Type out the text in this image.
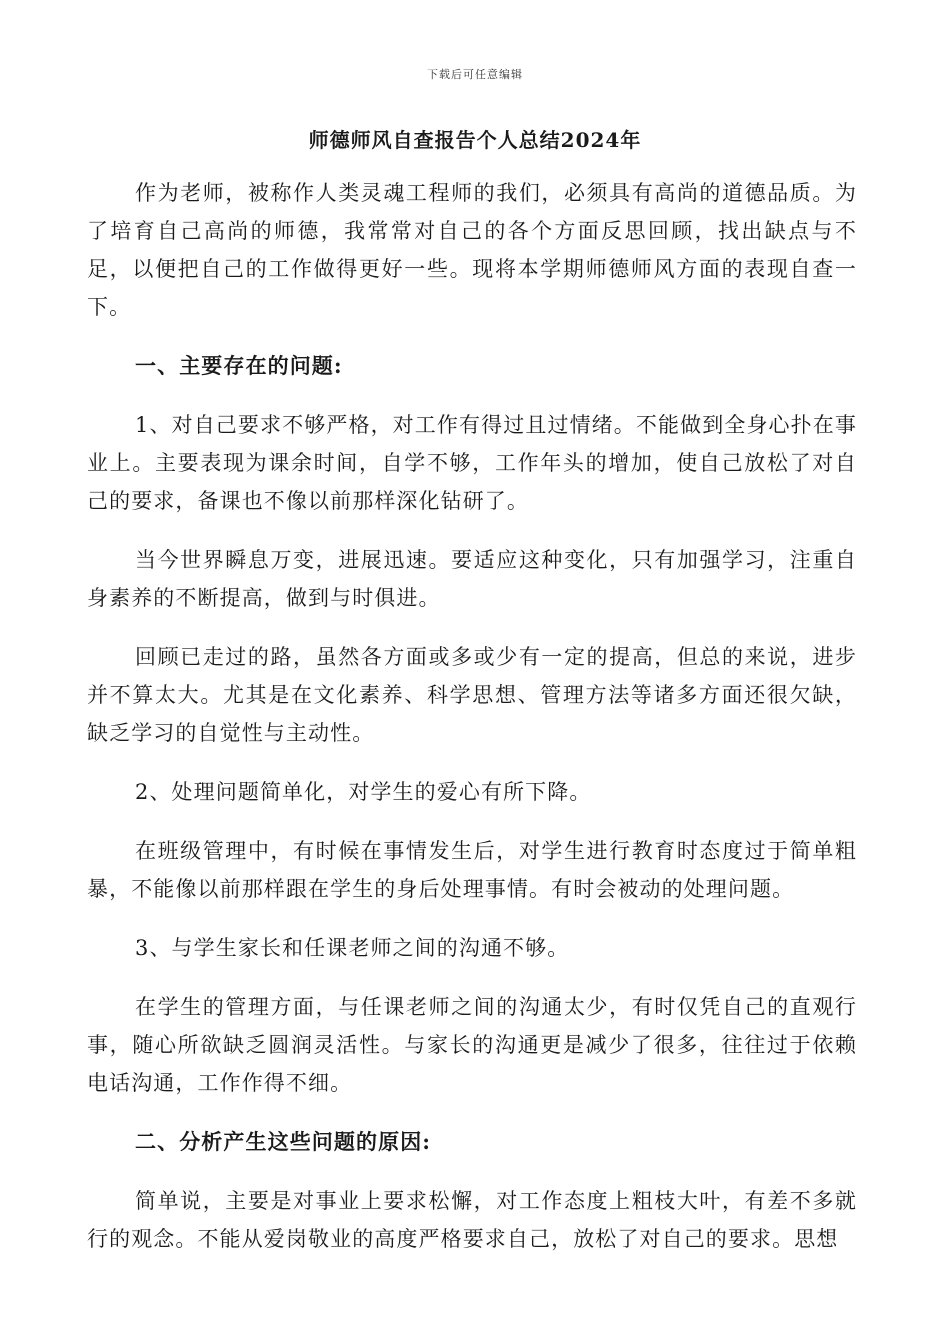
下载后可任意编辑
师德师风自查报告个人总结2024年

作为老师，被称作人类灵魂工程师的我们，必须具有高尚的道德品质。为了培育自己高尚的师德，我常常对自己的各个方面反思回顾，找出缺点与不足，以便把自己的工作做得更好一些。现将本学期师德师风方面的表现自查一下。

一、主要存在的问题:

1、对自己要求不够严格，对工作有得过且过情绪。不能做到全身心扑在事业上。主要表现为课余时间，自学不够，工作年头的增加，使自己放松了对自己的要求，备课也不像以前那样深化钻研了。

当今世界瞬息万变，进展迅速。要适应这种变化，只有加强学习，注重自身素养的不断提高，做到与时俱进。

回顾已走过的路，虽然各方面或多或少有一定的提高，但总的来说，进步并不算太大。尤其是在文化素养、科学思想、管理方法等诸多方面还很欠缺，缺乏学习的自觉性与主动性。

2、处理问题简单化，对学生的爱心有所下降。

在班级管理中，有时候在事情发生后，对学生进行教育时态度过于简单粗暴，不能像以前那样跟在学生的身后处理事情。有时会被动的处理问题。

3、与学生家长和任课老师之间的沟通不够。

在学生的管理方面，与任课老师之间的沟通太少，有时仅凭自己的直观行事，随心所欲缺乏圆润灵活性。与家长的沟通更是减少了很多，往往过于依赖电话沟通，工作作得不细。

二、分析产生这些问题的原因:

简单说，主要是对事业上要求松懈，对工作态度上粗枝大叶，有差不多就行的观念。不能从爱岗敬业的高度严格要求自己，放松了对自己的要求。思想
